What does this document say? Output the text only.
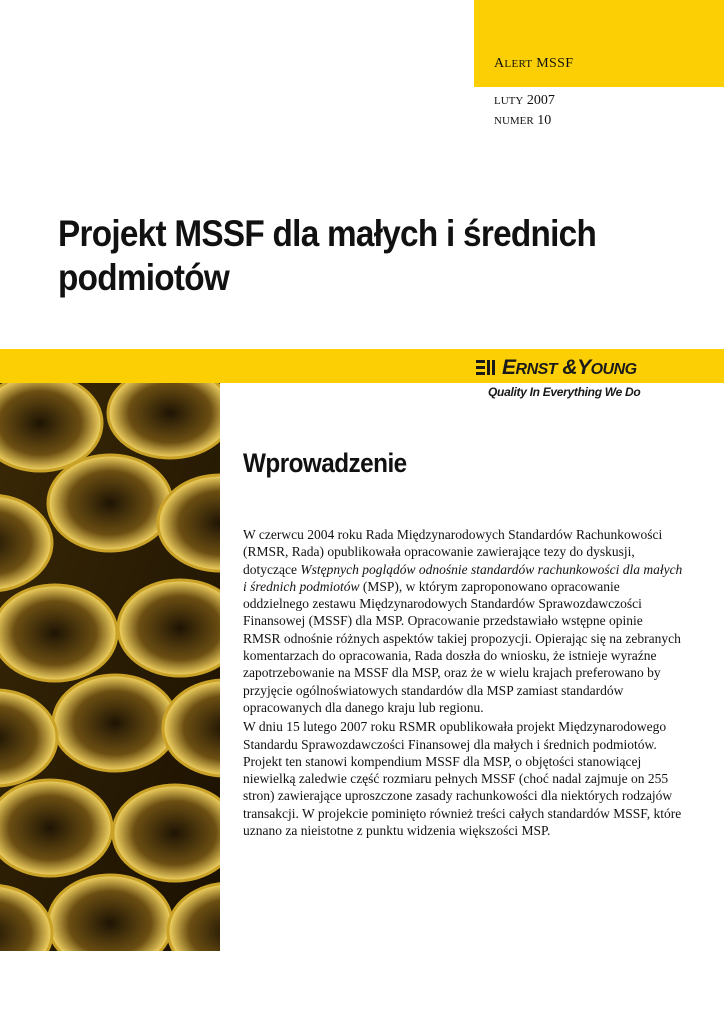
ALERT MSSF
LUTY 2007
NUMER 10
Projekt MSSF dla małych i średnich
podmiotów
ERNST &YOUNG
Quality In Everything We Do
Wprowadzenie

W czerwcu 2004 roku Rada Międzynarodowych Standardów Rachunkowości (RMSR, Rada) opublikowała opracowanie zawierające tezy do dyskusji, dotyczące Wstępnych poglądów odnośnie standardów rachunkowości dla małych i średnich podmiotów (MSP), w którym zaproponowano opracowanie oddzielnego zestawu Międzynarodowych Standardów Sprawozdawczości Finansowej (MSSF) dla MSP. Opracowanie przedstawiało wstępne opinie RMSR odnośnie różnych aspektów takiej propozycji. Opierając się na zebranych komentarzach do opracowania, Rada doszła do wniosku, że istnieje wyraźne zapotrzebowanie na MSSF dla MSP, oraz że w wielu krajach preferowano by przyjęcie ogólnoświatowych standardów dla MSP zamiast standardów opracowanych dla danego kraju lub regionu.

W dniu 15 lutego 2007 roku RSMR opublikowała projekt Międzynarodowego Standardu Sprawozdawczości Finansowej dla małych i średnich podmiotów. Projekt ten stanowi kompendium MSSF dla MSP, o objętości stanowiącej niewielką zaledwie część rozmiaru pełnych MSSF (choć nadal zajmuje on 255 stron) zawierające uproszczone zasady rachunkowości dla niektórych rodzajów transakcji. W projekcie pominięto również treści całych standardów MSSF, które uznano za nieistotne z punktu widzenia większości MSP.
